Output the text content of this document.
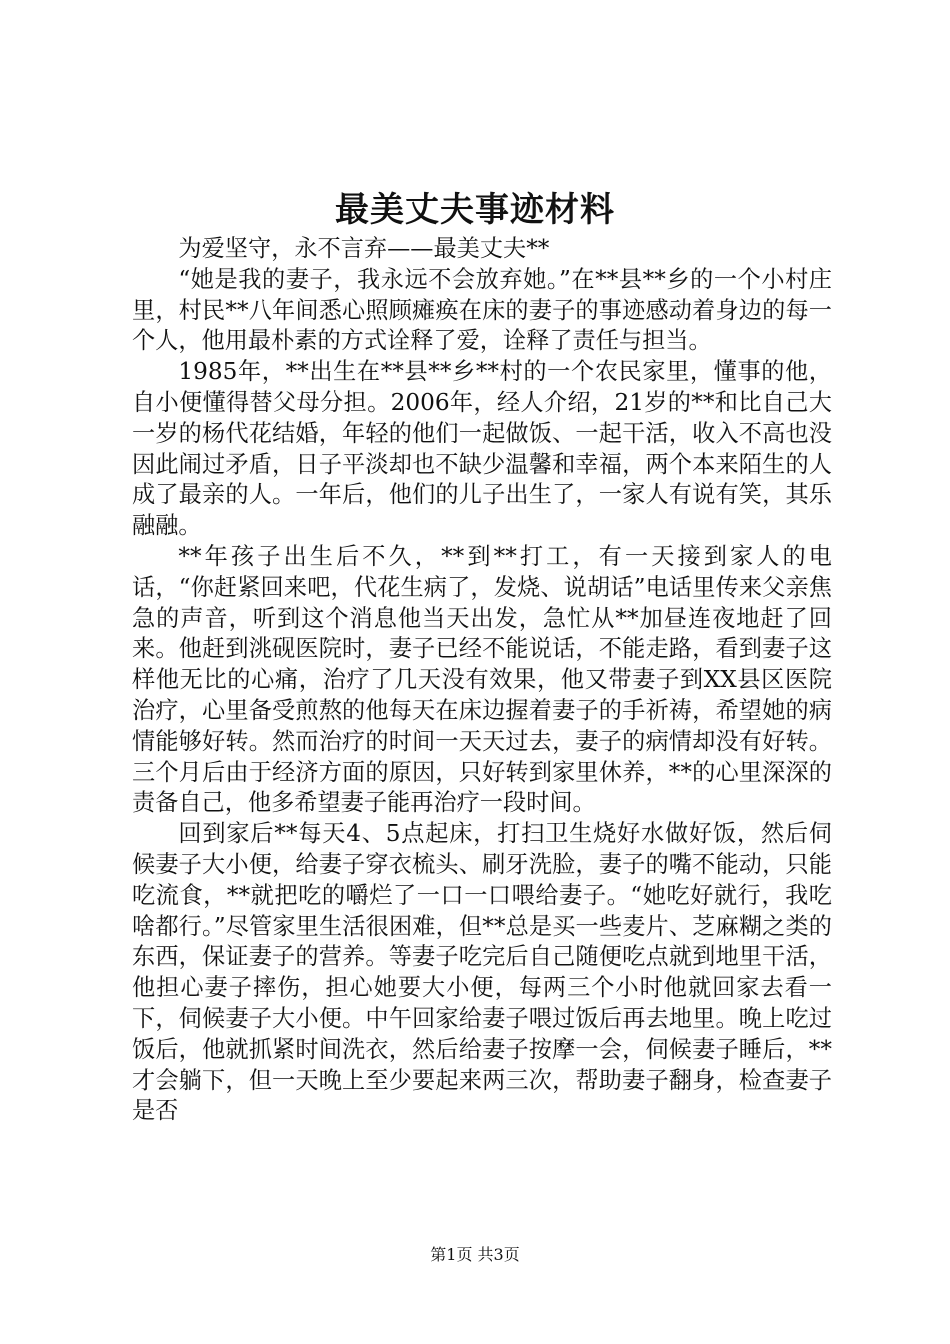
最美丈夫事迹材料

为爱坚守，永不言弃——最美丈夫**

“她是我的妻子，我永远不会放弃她。”在**县**乡的一个小村庄里，村民**八年间悉心照顾瘫痪在床的妻子的事迹感动着身边的每一个人，他用最朴素的方式诠释了爱，诠释了责任与担当。

1985年，**出生在**县**乡**村的一个农民家里，懂事的他，自小便懂得替父母分担。2006年，经人介绍，21岁的**和比自己大一岁的杨代花结婚，年轻的他们一起做饭、一起干活，收入不高也没因此闹过矛盾，日子平淡却也不缺少温馨和幸福，两个本来陌生的人成了最亲的人。一年后，他们的儿子出生了，一家人有说有笑，其乐融融。

**年孩子出生后不久，**到**打工，有一天接到家人的电话，“你赶紧回来吧，代花生病了，发烧、说胡话”电话里传来父亲焦急的声音，听到这个消息他当天出发，急忙从**加昼连夜地赶了回来。他赶到洮砚医院时，妻子已经不能说话，不能走路，看到妻子这样他无比的心痛，治疗了几天没有效果，他又带妻子到XX县区医院治疗，心里备受煎熬的他每天在床边握着妻子的手祈祷，希望她的病情能够好转。然而治疗的时间一天天过去，妻子的病情却没有好转。三个月后由于经济方面的原因，只好转到家里休养，**的心里深深的责备自己，他多希望妻子能再治疗一段时间。

回到家后**每天4、5点起床，打扫卫生烧好水做好饭，然后伺候妻子大小便，给妻子穿衣梳头、刷牙洗脸，妻子的嘴不能动，只能吃流食，**就把吃的嚼烂了一口一口喂给妻子。“她吃好就行，我吃啥都行。”尽管家里生活很困难，但**总是买一些麦片、芝麻糊之类的东西，保证妻子的营养。等妻子吃完后自己随便吃点就到地里干活，他担心妻子摔伤，担心她要大小便，每两三个小时他就回家去看一下，伺候妻子大小便。中午回家给妻子喂过饭后再去地里。晚上吃过饭后，他就抓紧时间洗衣，然后给妻子按摩一会，伺候妻子睡后，**才会躺下，但一天晚上至少要起来两三次，帮助妻子翻身，检查妻子是否

第1页 共3页
